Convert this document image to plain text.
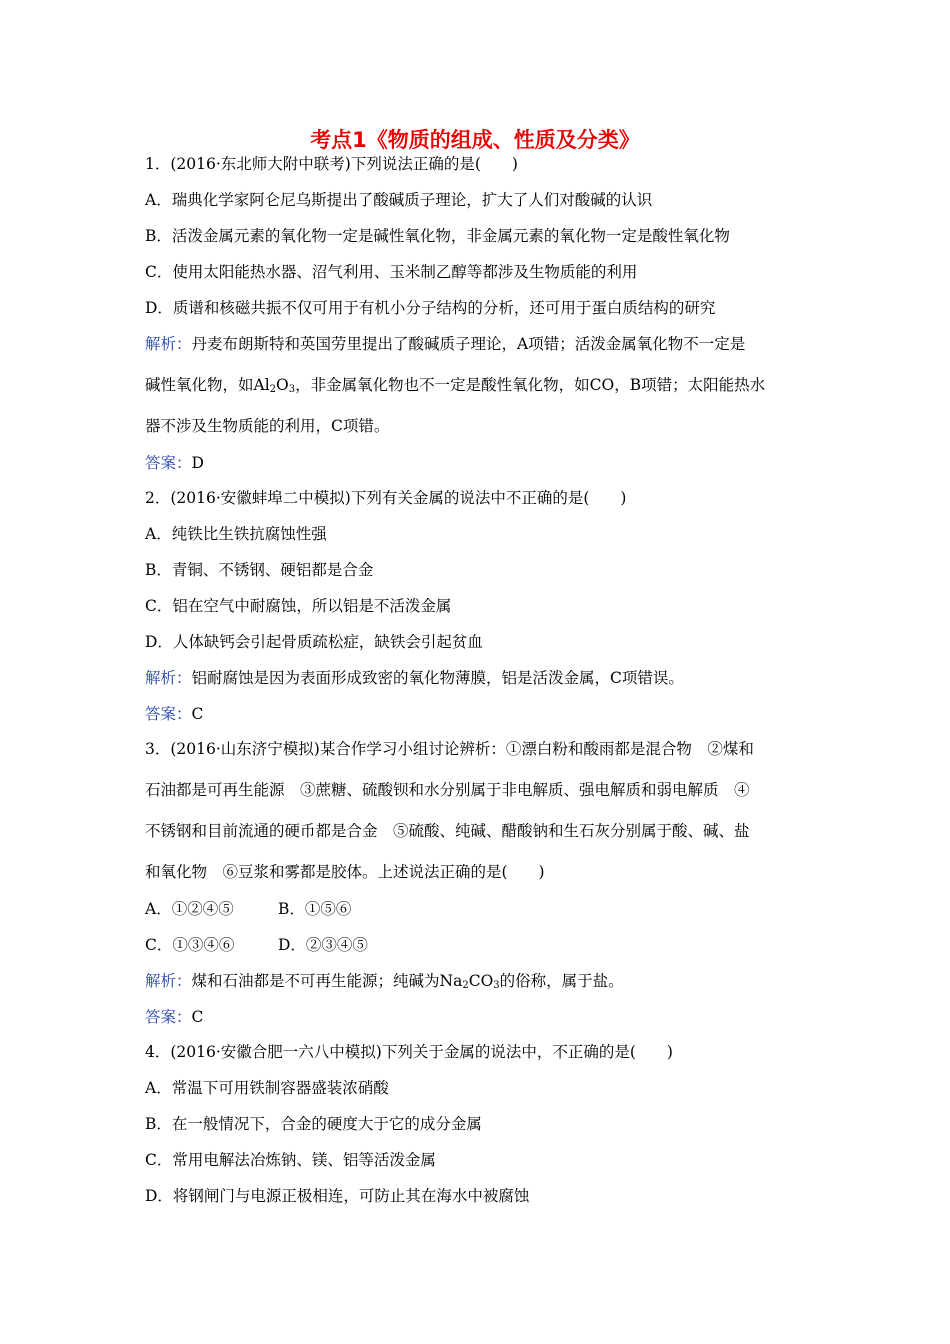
考点1《物质的组成、性质及分类》
1．(2016·东北师大附中联考)下列说法正确的是(　　)
A．瑞典化学家阿仑尼乌斯提出了酸碱质子理论，扩大了人们对酸碱的认识
B．活泼金属元素的氧化物一定是碱性氧化物，非金属元素的氧化物一定是酸性氧化物
C．使用太阳能热水器、沼气利用、玉米制乙醇等都涉及生物质能的利用
D．质谱和核磁共振不仅可用于有机小分子结构的分析，还可用于蛋白质结构的研究
解析：丹麦布朗斯特和英国劳里提出了酸碱质子理论，A项错；活泼金属氧化物不一定是
碱性氧化物，如$Al_2O_3$，非金属氧化物也不一定是酸性氧化物，如CO，B项错；太阳能热水
器不涉及生物质能的利用，C项错。
答案：D
2．(2016·安徽蚌埠二中模拟)下列有关金属的说法中不正确的是(　　)
A．纯铁比生铁抗腐蚀性强
B．青铜、不锈钢、硬铝都是合金
C．铝在空气中耐腐蚀，所以铝是不活泼金属
D．人体缺钙会引起骨质疏松症，缺铁会引起贫血
解析：铝耐腐蚀是因为表面形成致密的氧化物薄膜，铝是活泼金属，C项错误。
答案：C
3．(2016·山东济宁模拟)某合作学习小组讨论辨析：①漂白粉和酸雨都是混合物　②煤和
石油都是可再生能源　③蔗糖、硫酸钡和水分别属于非电解质、强电解质和弱电解质　④
不锈钢和目前流通的硬币都是合金　⑤硫酸、纯碱、醋酸钠和生石灰分别属于酸、碱、盐
和氧化物　⑥豆浆和雾都是胶体。上述说法正确的是(　　)
A．①②④⑤	B．①⑤⑥
C．①③④⑥	D．②③④⑤
解析：煤和石油都是不可再生能源；纯碱为$Na_2CO_3$的俗称，属于盐。
答案：C
4．(2016·安徽合肥一六八中模拟)下列关于金属的说法中，不正确的是(　　)
A．常温下可用铁制容器盛装浓硝酸
B．在一般情况下，合金的硬度大于它的成分金属
C．常用电解法冶炼钠、镁、铝等活泼金属
D．将钢闸门与电源正极相连，可防止其在海水中被腐蚀
